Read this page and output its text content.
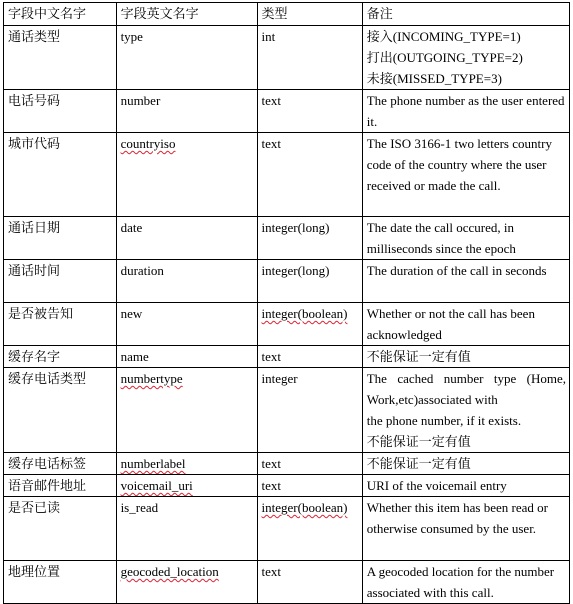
字段中文名字	字段英文名字	类型	备注
通话类型	type	int	接入(INCOMING_TYPE=1)
打出(OUTGOING_TYPE=2)
未接(MISSED_TYPE=3)

电话号码	number	text	The phone number as the user entered it.
城市代码	countryiso	text	The ISO 3166-1 two letters country code of the country where the user received or made the call.
通话日期	date	integer(long)	The date the call occured, in milliseconds since the epoch
通话时间	duration	integer(long)	The duration of the call in seconds
是否被告知	new	integer(boolean)	Whether or not the call has been acknowledged
缓存名字	name	text	不能保证一定有值
缓存电话类型	numbertype	integer	The cached number type (Home, Work,etc)associated with
the phone number, if it exists.
不能保证一定有值

缓存电话标签	numberlabel	text	不能保证一定有值
语音邮件地址	voicemail_uri	text	URI of the voicemail entry
是否已读	is_read	integer(boolean)	Whether this item has been read or otherwise consumed by the user.
地理位置	geocoded_location	text	A geocoded location for the number associated with this call.
